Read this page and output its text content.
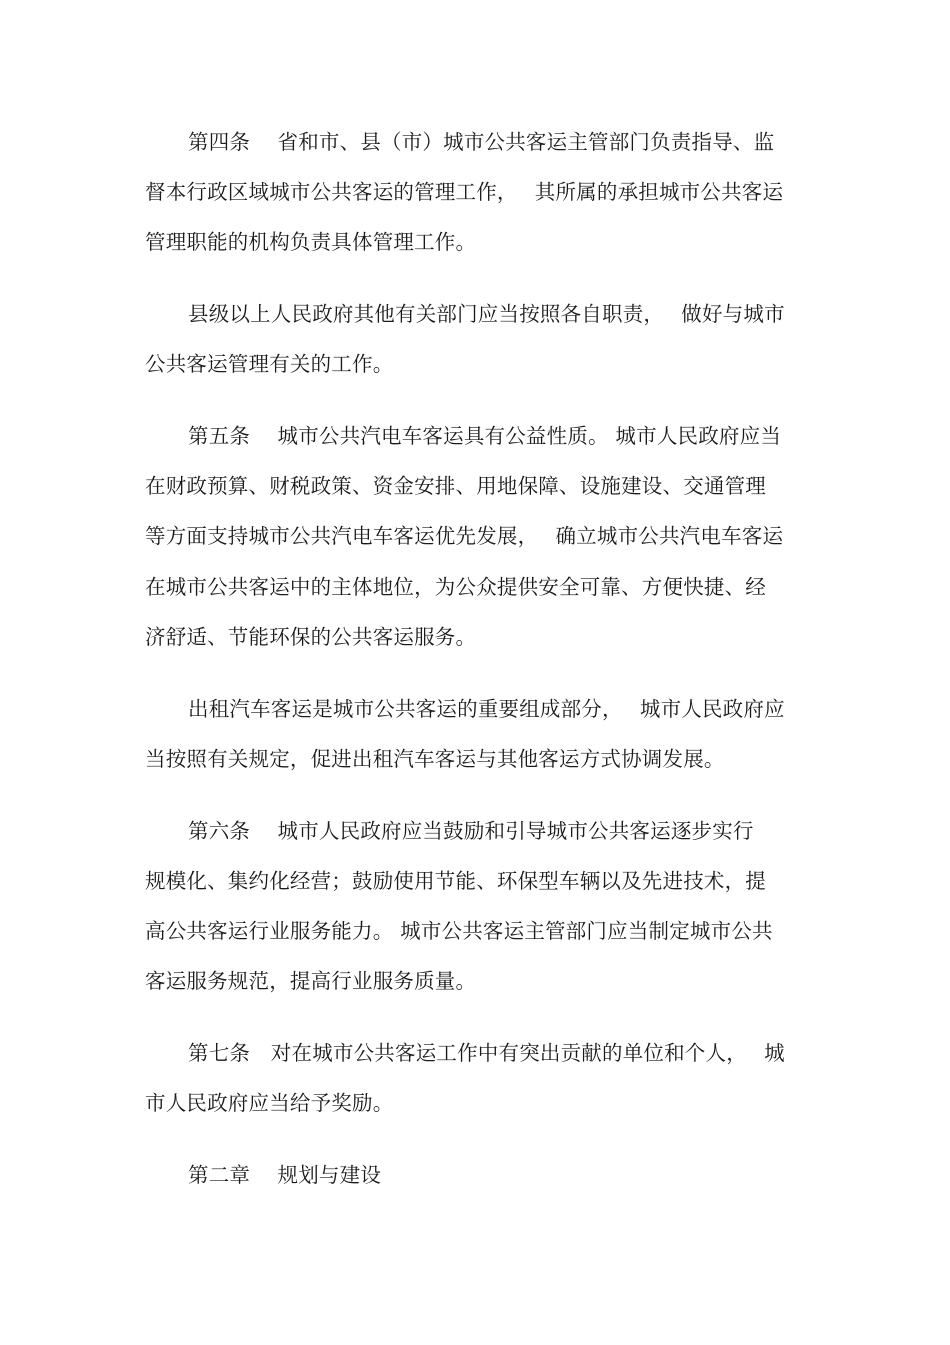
第四条　 省和市、县（市）城市公共客运主管部门负责指导、监
督本行政区域城市公共客运的管理工作，　 其所属的承担城市公共客运
管理职能的机构负责具体管理工作。
县级以上人民政府其他有关部门应当按照各自职责，　 做好与城市
公共客运管理有关的工作。
第五条　 城市公共汽电车客运具有公益性质。 城市人民政府应当
在财政预算、财税政策、资金安排、用地保障、设施建设、交通管理
等方面支持城市公共汽电车客运优先发展，　 确立城市公共汽电车客运
在城市公共客运中的主体地位，为公众提供安全可靠、方便快捷、经
济舒适、节能环保的公共客运服务。
出租汽车客运是城市公共客运的重要组成部分，　 城市人民政府应
当按照有关规定，促进出租汽车客运与其他客运方式协调发展。
第六条　 城市人民政府应当鼓励和引导城市公共客运逐步实行
规模化、集约化经营；鼓励使用节能、环保型车辆以及先进技术，提
高公共客运行业服务能力。 城市公共客运主管部门应当制定城市公共
客运服务规范，提高行业服务质量。
第七条　对在城市公共客运工作中有突出贡献的单位和个人，　 城
市人民政府应当给予奖励。
第二章　 规划与建设
